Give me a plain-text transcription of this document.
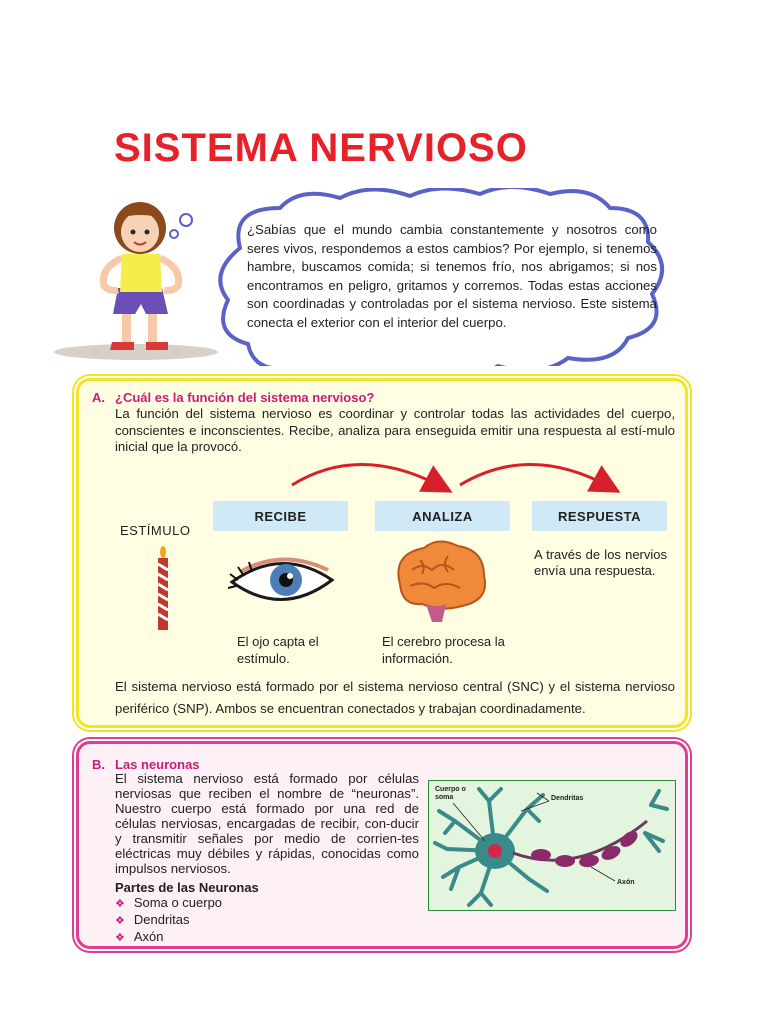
SISTEMA NERVIOSO
¿Sabías que el mundo cambia constantemente y nosotros como seres vivos, respondemos a estos cambios? Por ejemplo, si tenemos hambre, buscamos comida; si tenemos frío, nos abrigamos; si nos encontramos en peligro, gritamos y corremos. Todas estas acciones son coordinadas y controladas por el sistema nervioso. Este sistema conecta el exterior con el interior del cuerpo.
A. ¿Cuál es la función del sistema nervioso?
La función del sistema nervioso es coordinar y controlar todas las actividades del cuerpo, conscientes e inconscientes. Recibe, analiza para enseguida emitir una respuesta al estí-mulo inicial que la provocó.
RECIBE	ANALIZA	RESPUESTA
ESTÍMULO
El ojo capta el estímulo.
El cerebro procesa la información.
A través de los nervios envía una respuesta.
El sistema nervioso está formado por el sistema nervioso central (SNC) y el sistema nervioso periférico (SNP). Ambos se encuentran conectados y trabajan coordinadamente.
B. Las neuronas
El sistema nervioso está formado por células nerviosas que reciben el nombre de “neuronas”. Nuestro cuerpo está formado por una red de células nerviosas, encargadas de recibir, con-ducir y transmitir señales por medio de corrien-tes eléctricas muy débiles y rápidas, conocidas como impulsos nerviosos.
Partes de las Neuronas
❖ Soma o cuerpo
❖ Dendritas
❖ Axón
Cuerpo o soma	Dendritas
Axón
